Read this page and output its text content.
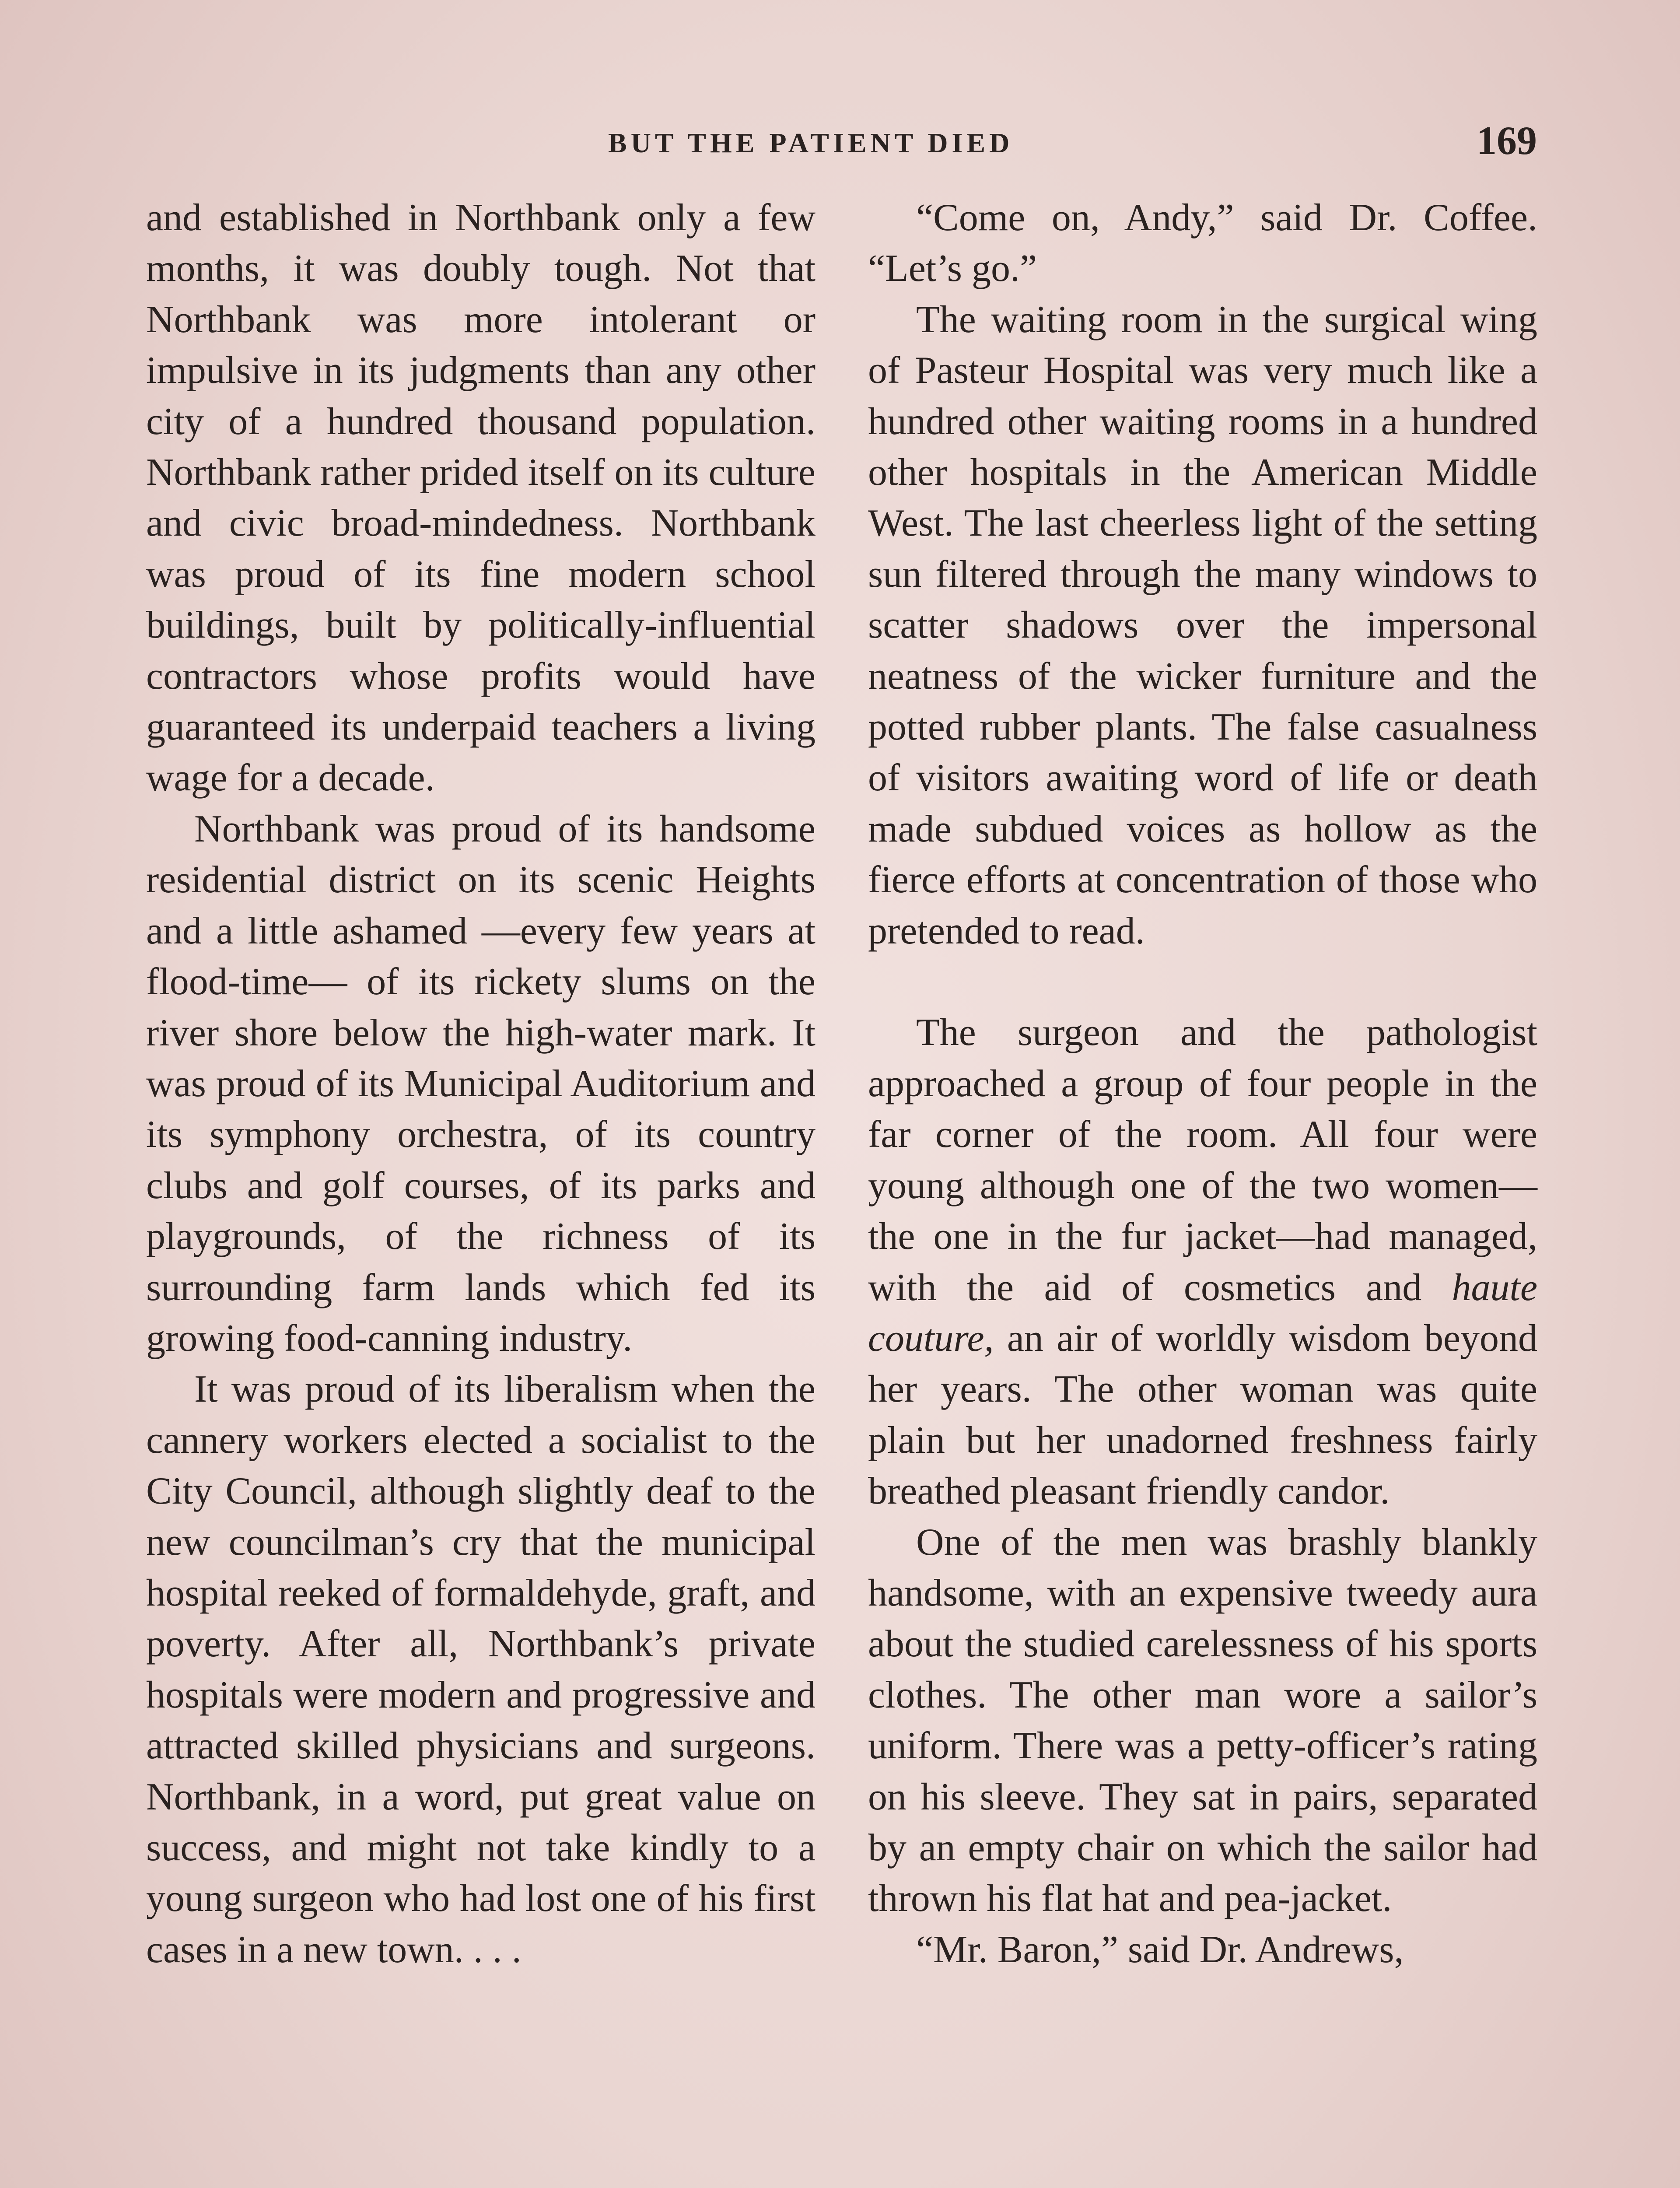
BUT THE PATIENT DIED	169

and established in Northbank only a few months, it was doubly tough. Not that Northbank was more intolerant or impulsive in its judgments than any other city of a hundred thousand population. Northbank rather prided itself on its culture and civic broad-mindedness. Northbank was proud of its fine modern school buildings, built by politically-influential contractors whose profits would have guaranteed its underpaid teachers a living wage for a decade.

Northbank was proud of its handsome residential district on its scenic Heights and a little ashamed —every few years at flood-time— of its rickety slums on the river shore below the high-water mark. It was proud of its Municipal Auditorium and its symphony orchestra, of its country clubs and golf courses, of its parks and playgrounds, of the richness of its surrounding farm lands which fed its growing food-canning industry.

It was proud of its liberalism when the cannery workers elected a socialist to the City Council, although slightly deaf to the new councilman’s cry that the municipal hospital reeked of formaldehyde, graft, and poverty. After all, Northbank’s private hospitals were modern and progressive and attracted skilled physicians and surgeons. Northbank, in a word, put great value on success, and might not take kindly to a young surgeon who had lost one of his first cases in a new town. . . .

“Come on, Andy,” said Dr. Coffee. “Let’s go.”

The waiting room in the surgical wing of Pasteur Hospital was very much like a hundred other waiting rooms in a hundred other hospitals in the American Middle West. The last cheerless light of the setting sun filtered through the many windows to scatter shadows over the impersonal neatness of the wicker furniture and the potted rubber plants. The false casualness of visitors awaiting word of life or death made subdued voices as hollow as the fierce efforts at concentration of those who pretended to read.

The surgeon and the pathologist approached a group of four people in the far corner of the room. All four were young although one of the two women—the one in the fur jacket—had managed, with the aid of cosmetics and haute couture, an air of worldly wisdom beyond her years. The other woman was quite plain but her unadorned freshness fairly breathed pleasant friendly candor.

One of the men was brashly blankly handsome, with an expensive tweedy aura about the studied carelessness of his sports clothes. The other man wore a sailor’s uniform. There was a petty-officer’s rating on his sleeve. They sat in pairs, separated by an empty chair on which the sailor had thrown his flat hat and pea-jacket.

“Mr. Baron,” said Dr. Andrews,
